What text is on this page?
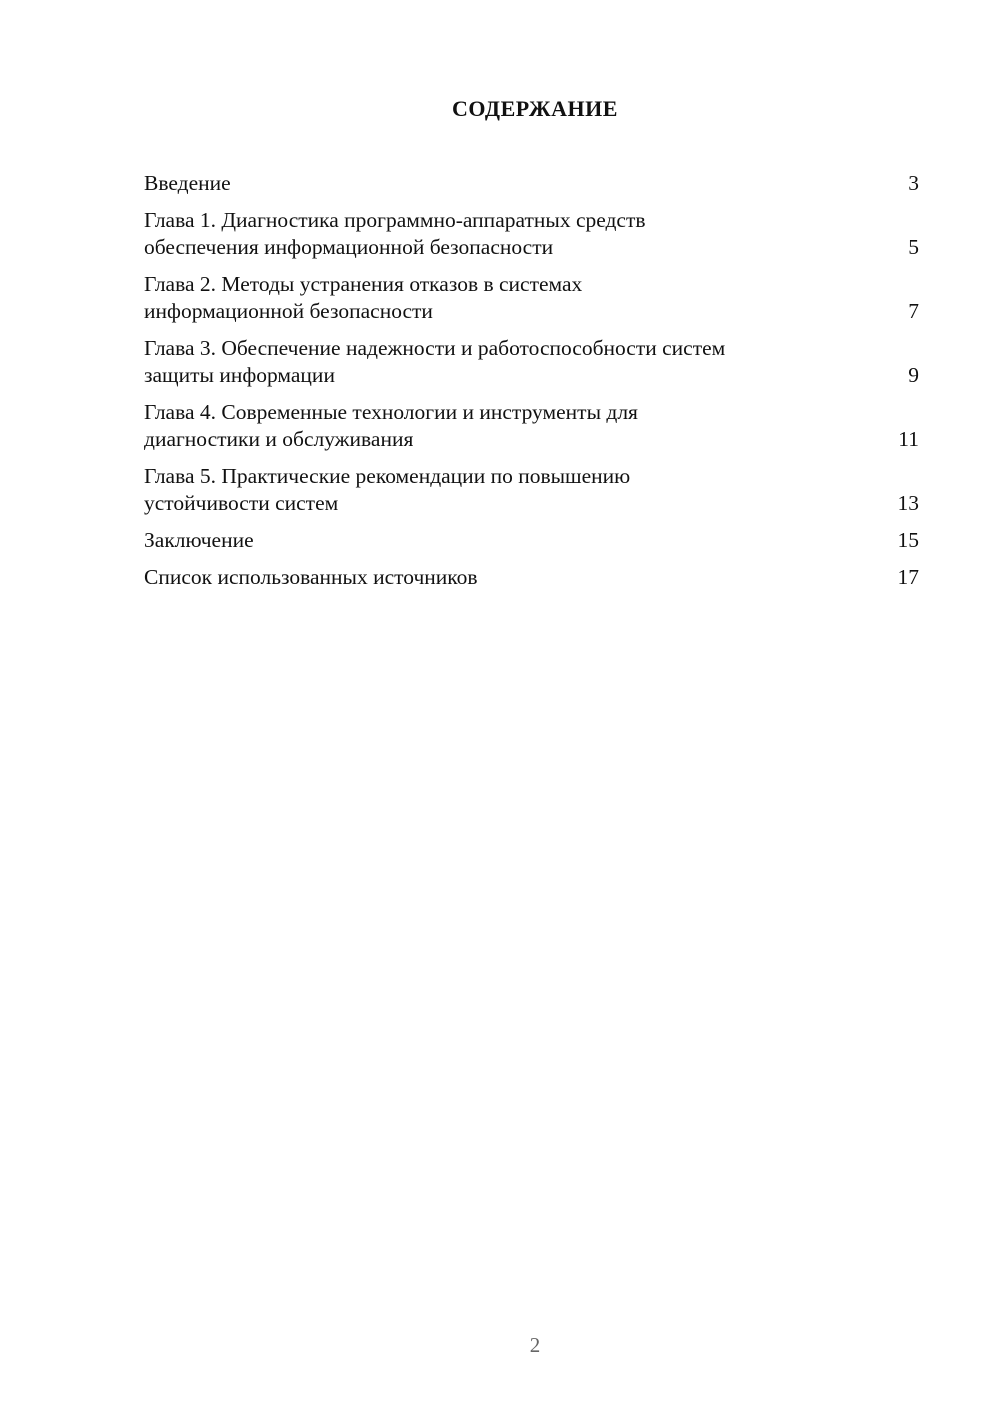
СОДЕРЖАНИЕ
Введение	3
Глава 1. Диагностика программно-аппаратных средств
обеспечения информационной безопасности	5
Глава 2. Методы устранения отказов в системах
информационной безопасности	7
Глава 3. Обеспечение надежности и работоспособности систем
защиты информации	9
Глава 4. Современные технологии и инструменты для
диагностики и обслуживания	11
Глава 5. Практические рекомендации по повышению
устойчивости систем	13
Заключение	15
Список использованных источников	17
2
